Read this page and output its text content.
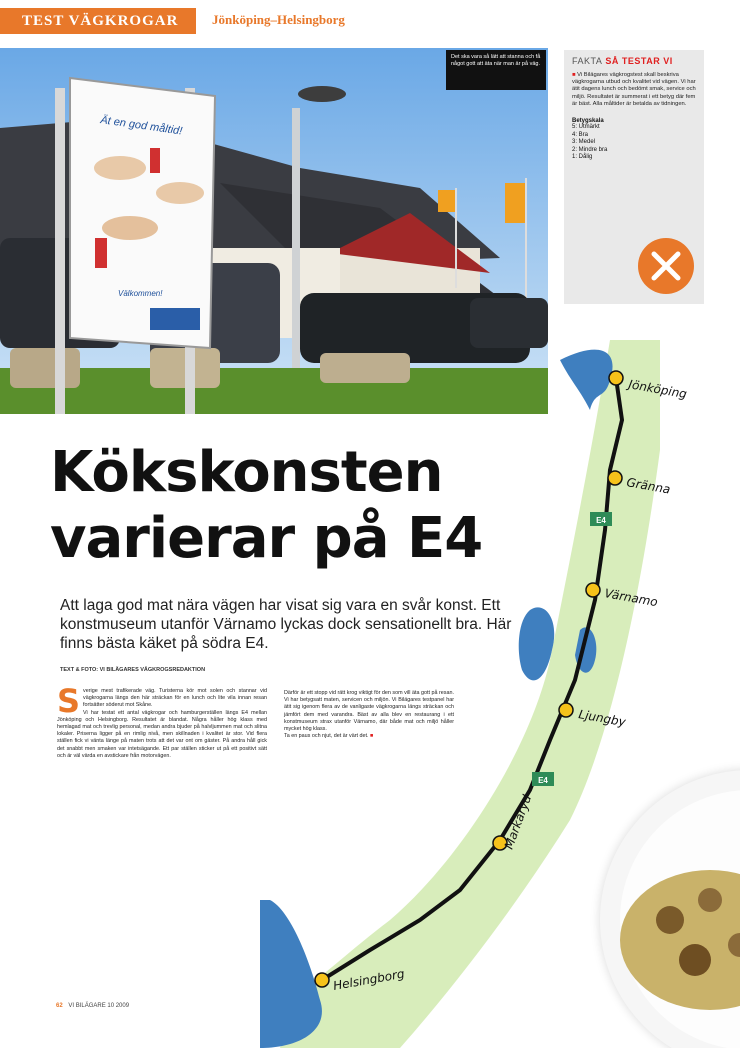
TEST VÄGKROGAR	Jönköping–Helsingborg
Ät en god måltid!
Välkommen!
Det ska vara så lätt att stanna och få något gott att äta när man är på väg.	FAKTA SÅ TESTAR VI
■ Vi Bilägares vägkrogstest skall beskriva vägkrogarna utbud och kvalitet vid vägen. Vi har ätit dagens lunch och bedömt smak, service och miljö. Resultatet är summerat i ett betyg där fem är bäst. Alla måltider är betalda av tidningen.
Betygskala
5: Utmärkt
4: Bra
3: Medel
2: Mindre bra
1: Dålig
E4
E4
Jönköping
Gränna
Värnamo
Ljungby
Markaryd
Helsingborg
Kökskonsten
varierar på E4
Att laga god mat nära vägen har visat sig vara en svår konst. Ett konstmuseum utanför Värnamo lyckas dock sensationellt bra. Här finns bästa käket på södra E4.
TEXT & FOTO: VI BILÄGARES VÄGKROGSREDAKTION
S verige mest trafikerade väg. Turisterna kör mot solen och stannar vid vägkrogarna längs den här sträckan för en lunch och lite vila innan resan fortsätter söderut mot Skåne.
Vi har testat ett antal vägkrogar och hamburgerställen längs E4 mellan Jönköping och Helsingborg. Resultatet är blandat. Några håller hög klass med hemlagad mat och trevlig personal, medan andra bjuder på halvljummen mat och slitna lokaler. Priserna ligger på en rimlig nivå, men skillnaden i kvalitet är stor. Vid flera ställen fick vi vänta länge på maten trots att det var ont om gäster. På andra håll gick det snabbt men smaken var intetsägande. Ett par ställen sticker ut på ett positivt sätt och är väl värda en avstickare från motorvägen.
Därför är ett stopp vid rätt krog viktigt för den som vill äta gott på resan. Vi har betygsatt maten, servicen och miljön. Vi Bilägares testpanel har ätit sig igenom flera av de vanligaste vägkrogarna längs sträckan och jämfört dem med varandra. Bäst av alla blev en restaurang i ett konstmuseum strax utanför Värnamo, där både mat och miljö håller mycket hög klass.
Ta en paus och njut, det är värt det. ■
62 VI BILÄGARE 10 2009
